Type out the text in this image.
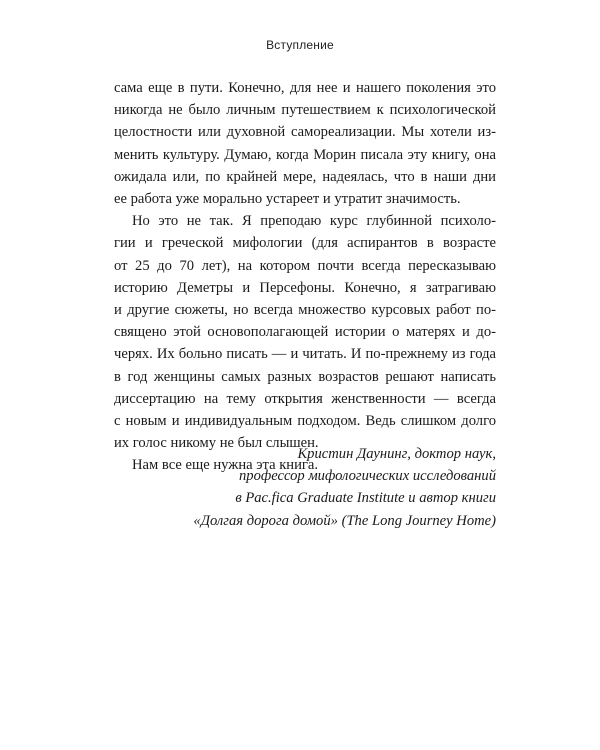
Вступление
сама еще в пути. Конечно, для нее и нашего поколения это
никогда не было личным путешествием к психологической
целостности или духовной самореализации. Мы хотели из-
менить культуру. Думаю, когда Морин писала эту книгу, она
ожидала или, по крайней мере, надеялась, что в наши дни
ее работа уже морально устареет и утратит значимость.
Но это не так. Я преподаю курс глубинной психоло-
гии и греческой мифологии (для аспирантов в возрасте
от 25 до 70 лет), на котором почти всегда пересказываю
историю Деметры и Персефоны. Конечно, я затрагиваю
и другие сюжеты, но всегда множество курсовых работ по-
священо этой основополагающей истории о матерях и до-
черях. Их больно писать — и читать. И по-прежнему из года
в год женщины самых разных возрастов решают написать
диссертацию на тему открытия женственности — всегда
с новым и индивидуальным подходом. Ведь слишком долго
их голос никому не был слышен.
Нам все еще нужна эта книга.
Кристин Даунинг, доктор наук,
профессор мифологических исследований
в Pac.fica Graduate Institute и автор книги
«Долгая дорога домой» (The Long Journey Home)
